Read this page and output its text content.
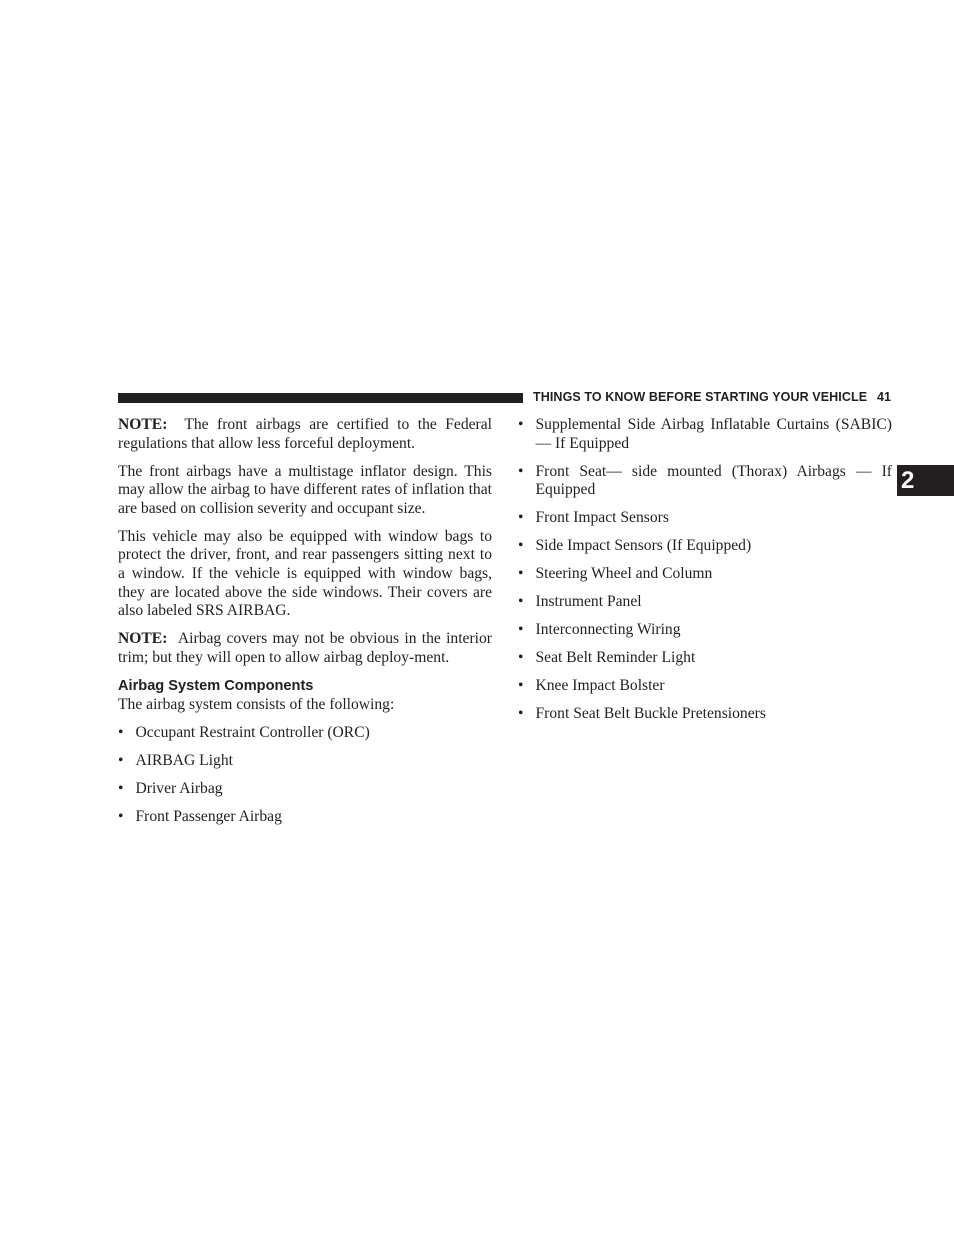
THINGS TO KNOW BEFORE STARTING YOUR VEHICLE 41
2

NOTE: The front airbags are certified to the Federal regulations that allow less forceful deployment.

The front airbags have a multistage inflator design. This may allow the airbag to have different rates of inflation that are based on collision severity and occupant size.

This vehicle may also be equipped with window bags to protect the driver, front, and rear passengers sitting next to a window. If the vehicle is equipped with window bags, they are located above the side windows. Their covers are also labeled SRS AIRBAG.

NOTE: Airbag covers may not be obvious in the interior trim; but they will open to allow airbag deploy-ment.

Airbag System Components

The airbag system consists of the following:

• Occupant Restraint Controller (ORC)
• AIRBAG Light
• Driver Airbag
• Front Passenger Airbag
• Supplemental Side Airbag Inflatable Curtains (SABIC) — If Equipped
• Front Seat— side mounted (Thorax) Airbags — If Equipped
• Front Impact Sensors
• Side Impact Sensors (If Equipped)
• Steering Wheel and Column
• Instrument Panel
• Interconnecting Wiring
• Seat Belt Reminder Light
• Knee Impact Bolster
• Front Seat Belt Buckle Pretensioners
